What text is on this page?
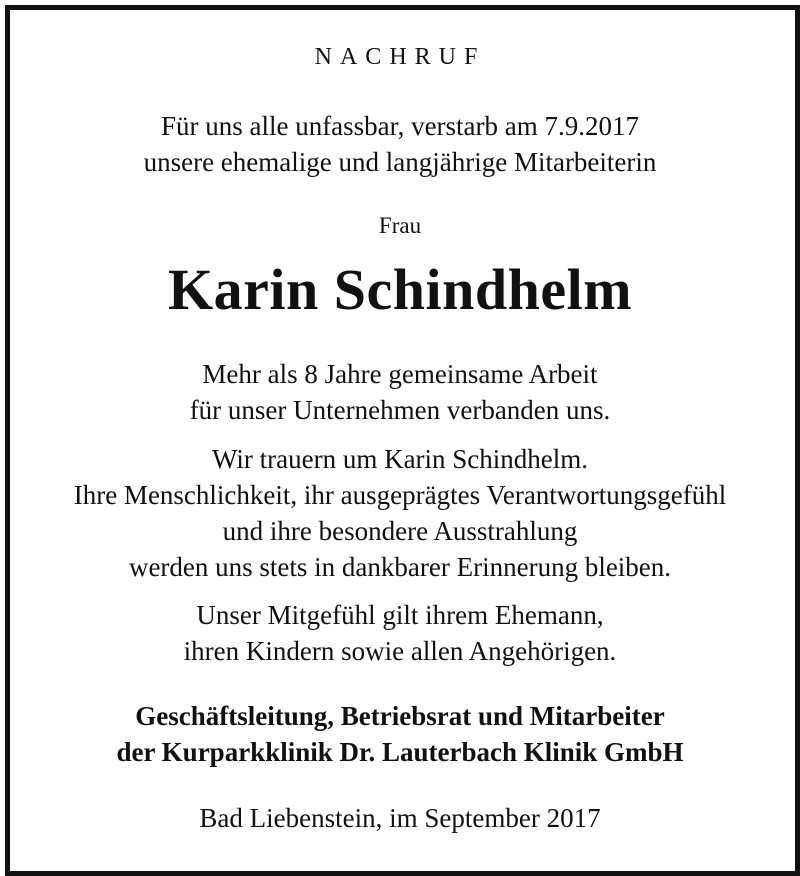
NACHRUF
Für uns alle unfassbar, verstarb am 7.9.2017
unsere ehemalige und langjährige Mitarbeiterin
Frau
Karin Schindhelm
Mehr als 8 Jahre gemeinsame Arbeit
für unser Unternehmen verbanden uns.
Wir trauern um Karin Schindhelm.
Ihre Menschlichkeit, ihr ausgeprägtes Verantwortungsgefühl
und ihre besondere Ausstrahlung
werden uns stets in dankbarer Erinnerung bleiben.
Unser Mitgefühl gilt ihrem Ehemann,
ihren Kindern sowie allen Angehörigen.
Geschäftsleitung, Betriebsrat und Mitarbeiter
der Kurparkklinik Dr. Lauterbach Klinik GmbH
Bad Liebenstein, im September 2017
